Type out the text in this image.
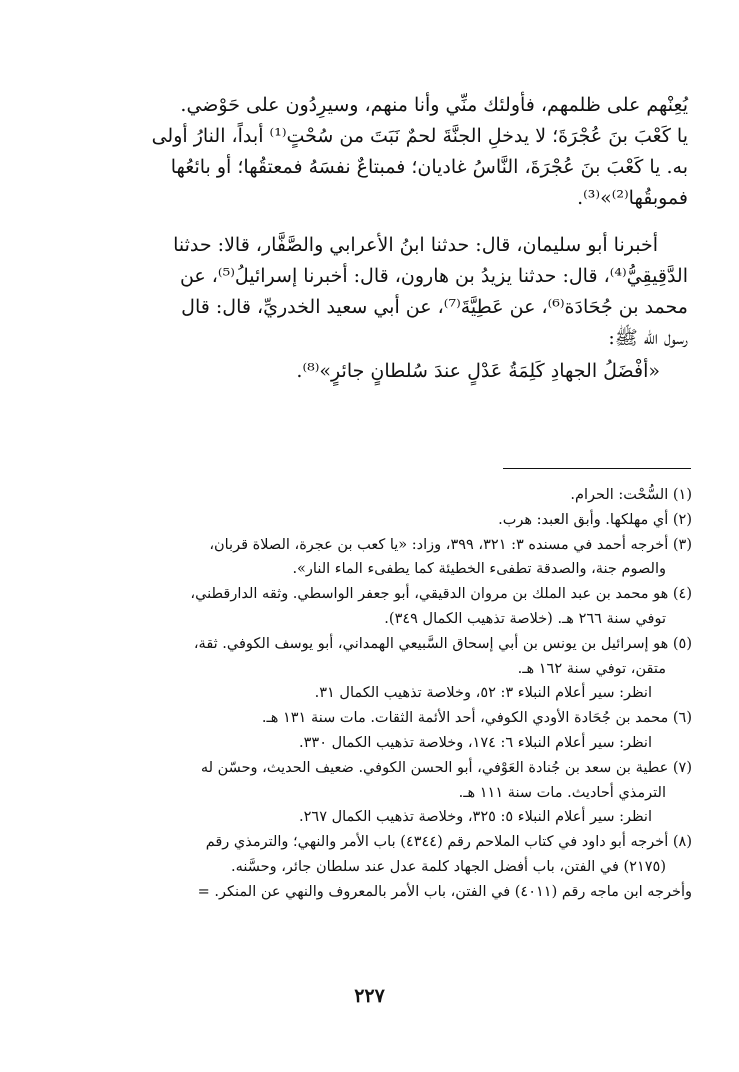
يُعِنْهم على ظلمهم، فأولئك منِّي وأنا منهم، وسيرِدُون على حَوْضي.

يا كَعْبَ بنَ عُجْرَةَ؛ لا يدخلِ الجنَّةَ لحمٌ نَبَتَ من سُحْتٍ⁽¹⁾ أبداً، النارُ أولى

به. يا كَعْبَ بنَ عُجْرَةَ، النَّاسُ غاديان؛ فمبتاعٌ نفسَهُ فمعتقُها؛ أو بائعُها

فموبقُها⁽²⁾»⁽³⁾.

أخبرنا أبو سليمان، قال: حدثنا ابنُ الأعرابي والصَّفَّار، قالا: حدثنا

الدَّقِيقِيُّ⁽⁴⁾، قال: حدثنا يزيدُ بن هارون، قال: أخبرنا إسرائيلُ⁽⁵⁾، عن

محمد بن جُحَادَة⁽⁶⁾، عن عَطِيَّةَ⁽⁷⁾، عن أبي سعيد الخدريِّ، قال: قال

رسول الله ﷺ:

«أفْضَلُ الجهادِ كَلِمَةُ عَدْلٍ عندَ سُلطانٍ جائرٍ»⁽⁸⁾.

(١) السُّحْت: الحرام.

(٢) أي مهلكها. وأبق العبد: هرب.

(٣) أخرجه أحمد في مسنده ٣: ٣٢١، ٣٩٩، وزاد: «يا كعب بن عجرة، الصلاة قربان،

والصوم جنة، والصدقة تطفىء الخطيئة كما يطفىء الماء النار».

(٤) هو محمد بن عبد الملك بن مروان الدقيقي، أبو جعفر الواسطي. وثقه الدارقطني،

توفي سنة ٢٦٦ هـ. (خلاصة تذهيب الكمال ٣٤٩).

(٥) هو إسرائيل بن يونس بن أبي إسحاق السَّبيعي الهمداني، أبو يوسف الكوفي. ثقة،

متقن، توفي سنة ١٦٢ هـ.

انظر: سير أعلام النبلاء ٣: ٥٢، وخلاصة تذهيب الكمال ٣١.

(٦) محمد بن جُحَادة الأودي الكوفي، أحد الأئمة الثقات. مات سنة ١٣١ هـ.

انظر: سير أعلام النبلاء ٦: ١٧٤، وخلاصة تذهيب الكمال ٣٣٠.

(٧) عطية بن سعد بن جُنادة العَوْفي، أبو الحسن الكوفي. ضعيف الحديث، وحسّن له

الترمذي أحاديث. مات سنة ١١١ هـ.

انظر: سير أعلام النبلاء ٥: ٣٢٥، وخلاصة تذهيب الكمال ٢٦٧.

(٨) أخرجه أبو داود في كتاب الملاحم رقم (٤٣٤٤) باب الأمر والنهي؛ والترمذي رقم

(٢١٧٥) في الفتن، باب أفضل الجهاد كلمة عدل عند سلطان جائر، وحسَّنه.

وأخرجه ابن ماجه رقم (٤٠١١) في الفتن، باب الأمر بالمعروف والنهي عن المنكر. =

٢٢٧
